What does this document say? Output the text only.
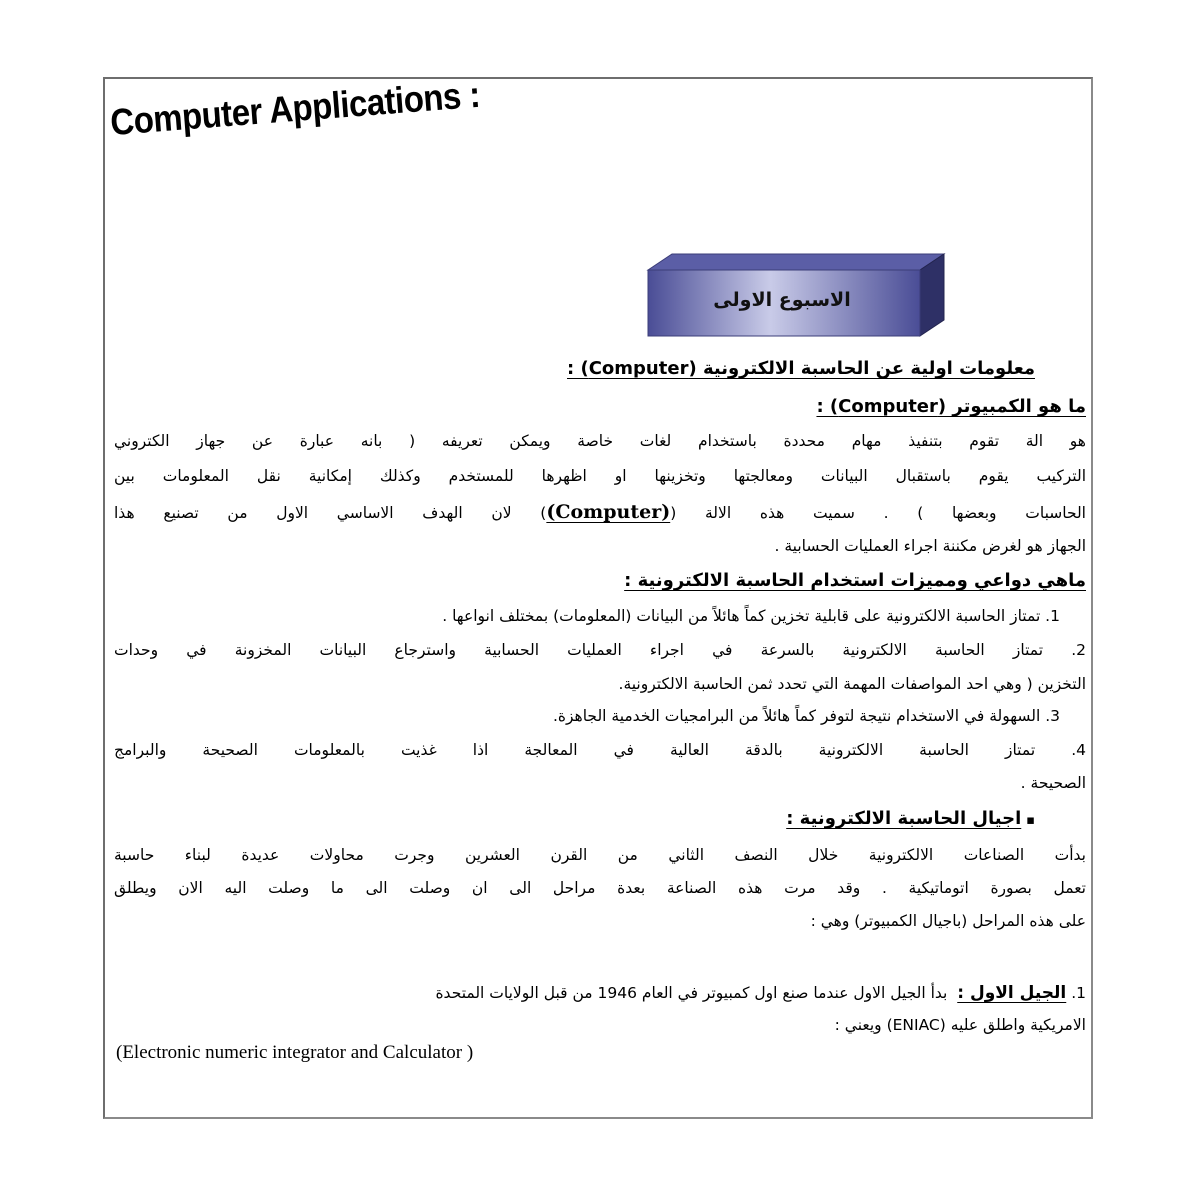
Computer Applications :
الاسبوع الاولى

معلومات اولية عن الحاسبة الالكترونية (Computer) :

ما هو الكمبيوتر (Computer) :

هو الة تقوم بتنفيذ مهام محددة باستخدام لغات خاصة ويمكن تعريفه ( بانه عبارة عن جهاز الكتروني

التركيب يقوم باستقبال البيانات ومعالجتها وتخزينها او اظهرها للمستخدم وكذلك إمكانية نقل المعلومات بين

الحاسبات وبعضها ) . سميت هذه الالة ((Computer)) لان الهدف الاساسي الاول من تصنيع هذا

الجهاز هو لغرض مكننة اجراء العمليات الحسابية .

ماهي دواعي ومميزات استخدام الحاسبة الالكترونية :

1. تمتاز الحاسبة الالكترونية على قابلية تخزين كماً هائلاً من البيانات (المعلومات) بمختلف انواعها .

2. تمتاز الحاسبة الالكترونية بالسرعة في اجراء العمليات الحسابية واسترجاع البيانات المخزونة في وحدات

التخزين ( وهي احد المواصفات المهمة التي تحدد ثمن الحاسبة الالكترونية.

3. السهولة في الاستخدام نتيجة لتوفر كماً هائلاً من البرامجيات الخدمية الجاهزة.

4. تمتاز الحاسبة الالكترونية بالدقة العالية في المعالجة اذا غذيت بالمعلومات الصحيحة والبرامج

الصحيحة .

▪ اجيال الحاسبة الالكترونية :

بدأت الصناعات الالكترونية خلال النصف الثاني من القرن العشرين وجرت محاولات عديدة لبناء حاسبة

تعمل بصورة اتوماتيكية . وقد مرت هذه الصناعة بعدة مراحل الى ان وصلت الى ما وصلت اليه الان ويطلق

على هذه المراحل (باجيال الكمبيوتر) وهي :

1. الجيل الاول :  بدأ الجيل الاول عندما صنع اول كمبيوتر في العام 1946 من قبل الولايات المتحدة

الامريكية واطلق عليه (ENIAC) ويعني :

(Electronic numeric integrator and Calculator )
